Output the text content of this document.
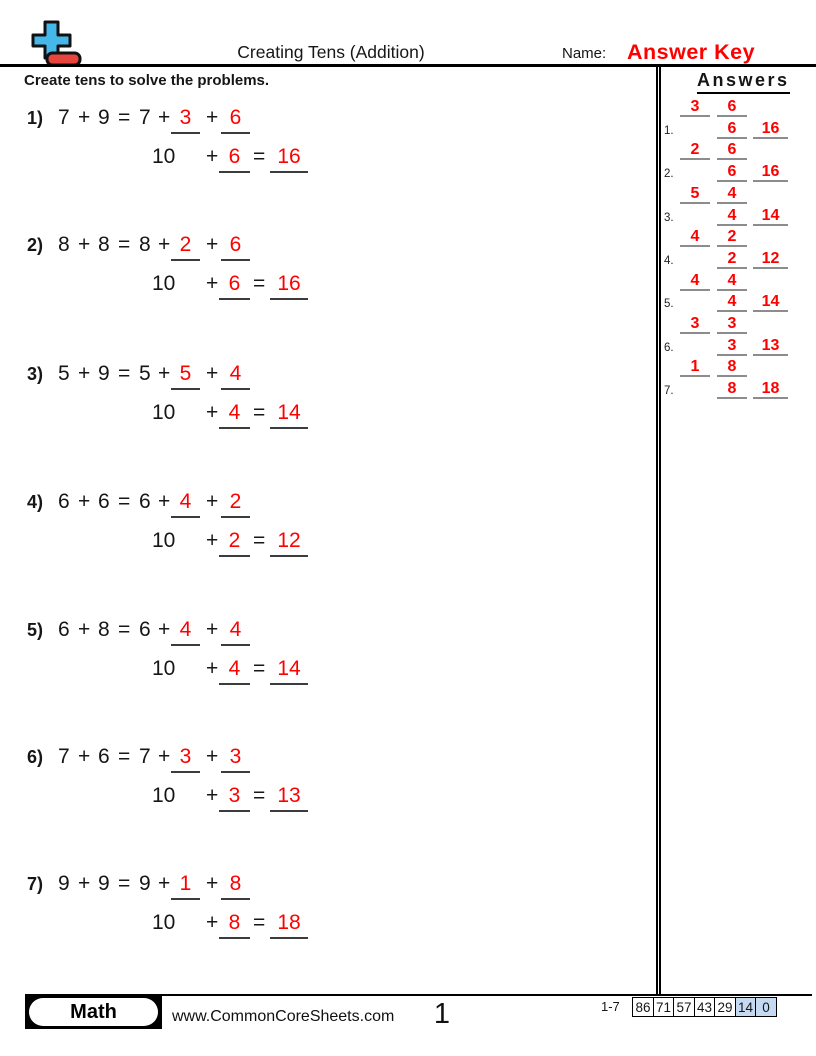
Creating Tens (Addition)	Name: Answer Key
Create tens to solve the problems.
1) 7 + 9 = 7 + 3 + 6
10 + 6 = 16
2) 8 + 8 = 8 + 2 + 6
10 + 6 = 16
3) 5 + 9 = 5 + 5 + 4
10 + 4 = 14
4) 6 + 6 = 6 + 4 + 2
10 + 2 = 12
5) 6 + 8 = 6 + 4 + 4
10 + 4 = 14
6) 7 + 6 = 7 + 3 + 3
10 + 3 = 13
7) 9 + 9 = 9 + 1 + 8
10 + 8 = 18
Answers
3	6
1.	6	16
2	6
2.	6	16
5	4
3.	4	14
4	2
4.	2	12
4	4
5.	4	14
3	3
6.	3	13
1	8
7.	8	18
Math	www.CommonCoreSheets.com	1	1-7 86 71 57 43 29 14 0
